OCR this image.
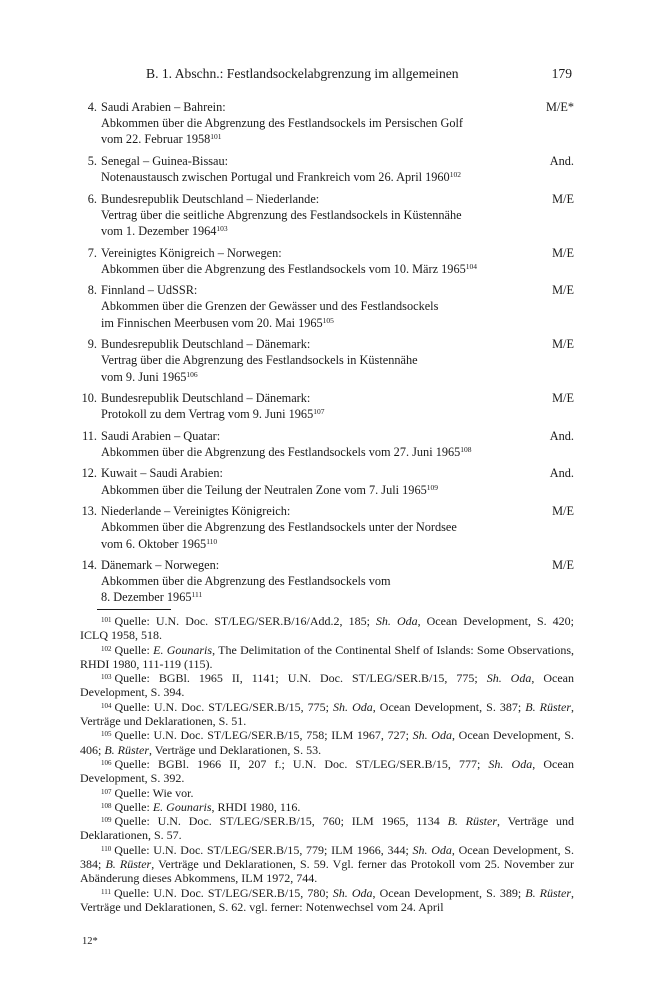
B. 1. Abschn.: Festlandsockelabgrenzung im allgemeinen	179
4.	M/E*
Saudi Arabien – Bahrein:
Abkommen über die Abgrenzung des Festlandsockels im Persischen Golf
vom 22. Februar 1958$^{101}$
5.	And.
Senegal – Guinea-Bissau:
Notenaustausch zwischen Portugal und Frankreich vom 26. April 1960$^{102}$
6.	M/E
Bundesrepublik Deutschland – Niederlande:
Vertrag über die seitliche Abgrenzung des Festlandsockels in Küstennähe
vom 1. Dezember 1964$^{103}$
7.	M/E
Vereinigtes Königreich – Norwegen:
Abkommen über die Abgrenzung des Festlandsockels vom 10. März 1965$^{104}$
8.	M/E
Finnland – UdSSR:
Abkommen über die Grenzen der Gewässer und des Festlandsockels
im Finnischen Meerbusen vom 20. Mai 1965$^{105}$
9.	M/E
Bundesrepublik Deutschland – Dänemark:
Vertrag über die Abgrenzung des Festlandsockels in Küstennähe
vom 9. Juni 1965$^{106}$
10.	M/E
Bundesrepublik Deutschland – Dänemark:
Protokoll zu dem Vertrag vom 9. Juni 1965$^{107}$
11.	And.
Saudi Arabien – Quatar:
Abkommen über die Abgrenzung des Festlandsockels vom 27. Juni 1965$^{108}$
12.	And.
Kuwait – Saudi Arabien:
Abkommen über die Teilung der Neutralen Zone vom 7. Juli 1965$^{109}$
13.	M/E
Niederlande – Vereinigtes Königreich:
Abkommen über die Abgrenzung des Festlandsockels unter der Nordsee
vom 6. Oktober 1965$^{110}$
14.	M/E
Dänemark – Norwegen:
Abkommen über die Abgrenzung des Festlandsockels vom
8. Dezember 1965$^{111}$
$^{101}$ Quelle: U.N. Doc. ST/LEG/SER.B/16/Add.2, 185; Sh. Oda, Ocean Development, S. 420; ICLQ 1958, 518.
$^{102}$ Quelle: E. Gounaris, The Delimitation of the Continental Shelf of Islands: Some Observations, RHDI 1980, 111-119 (115).
$^{103}$ Quelle: BGBl. 1965 II, 1141; U.N. Doc. ST/LEG/SER.B/15, 775; Sh. Oda, Ocean Development, S. 394.
$^{104}$ Quelle: U.N. Doc. ST/LEG/SER.B/15, 775; Sh. Oda, Ocean Development, S. 387; B. Rüster, Verträge und Deklarationen, S. 51.
$^{105}$ Quelle: U.N. Doc. ST/LEG/SER.B/15, 758; ILM 1967, 727; Sh. Oda, Ocean Development, S. 406; B. Rüster, Verträge und Deklarationen, S. 53.
$^{106}$ Quelle: BGBl. 1966 II, 207 f.; U.N. Doc. ST/LEG/SER.B/15, 777; Sh. Oda, Ocean Development, S. 392.
$^{107}$ Quelle: Wie vor.
$^{108}$ Quelle: E. Gounaris, RHDI 1980, 116.
$^{109}$ Quelle: U.N. Doc. ST/LEG/SER.B/15, 760; ILM 1965, 1134 B. Rüster, Verträge und Deklarationen, S. 57.
$^{110}$ Quelle: U.N. Doc. ST/LEG/SER.B/15, 779; ILM 1966, 344; Sh. Oda, Ocean Development, S. 384; B. Rüster, Verträge und Deklarationen, S. 59. Vgl. ferner das Protokoll vom 25. November zur Abänderung dieses Abkommens, ILM 1972, 744.
$^{111}$ Quelle: U.N. Doc. ST/LEG/SER.B/15, 780; Sh. Oda, Ocean Development, S. 389; B. Rüster, Verträge und Deklarationen, S. 62. vgl. ferner: Notenwechsel vom 24. April
12*
